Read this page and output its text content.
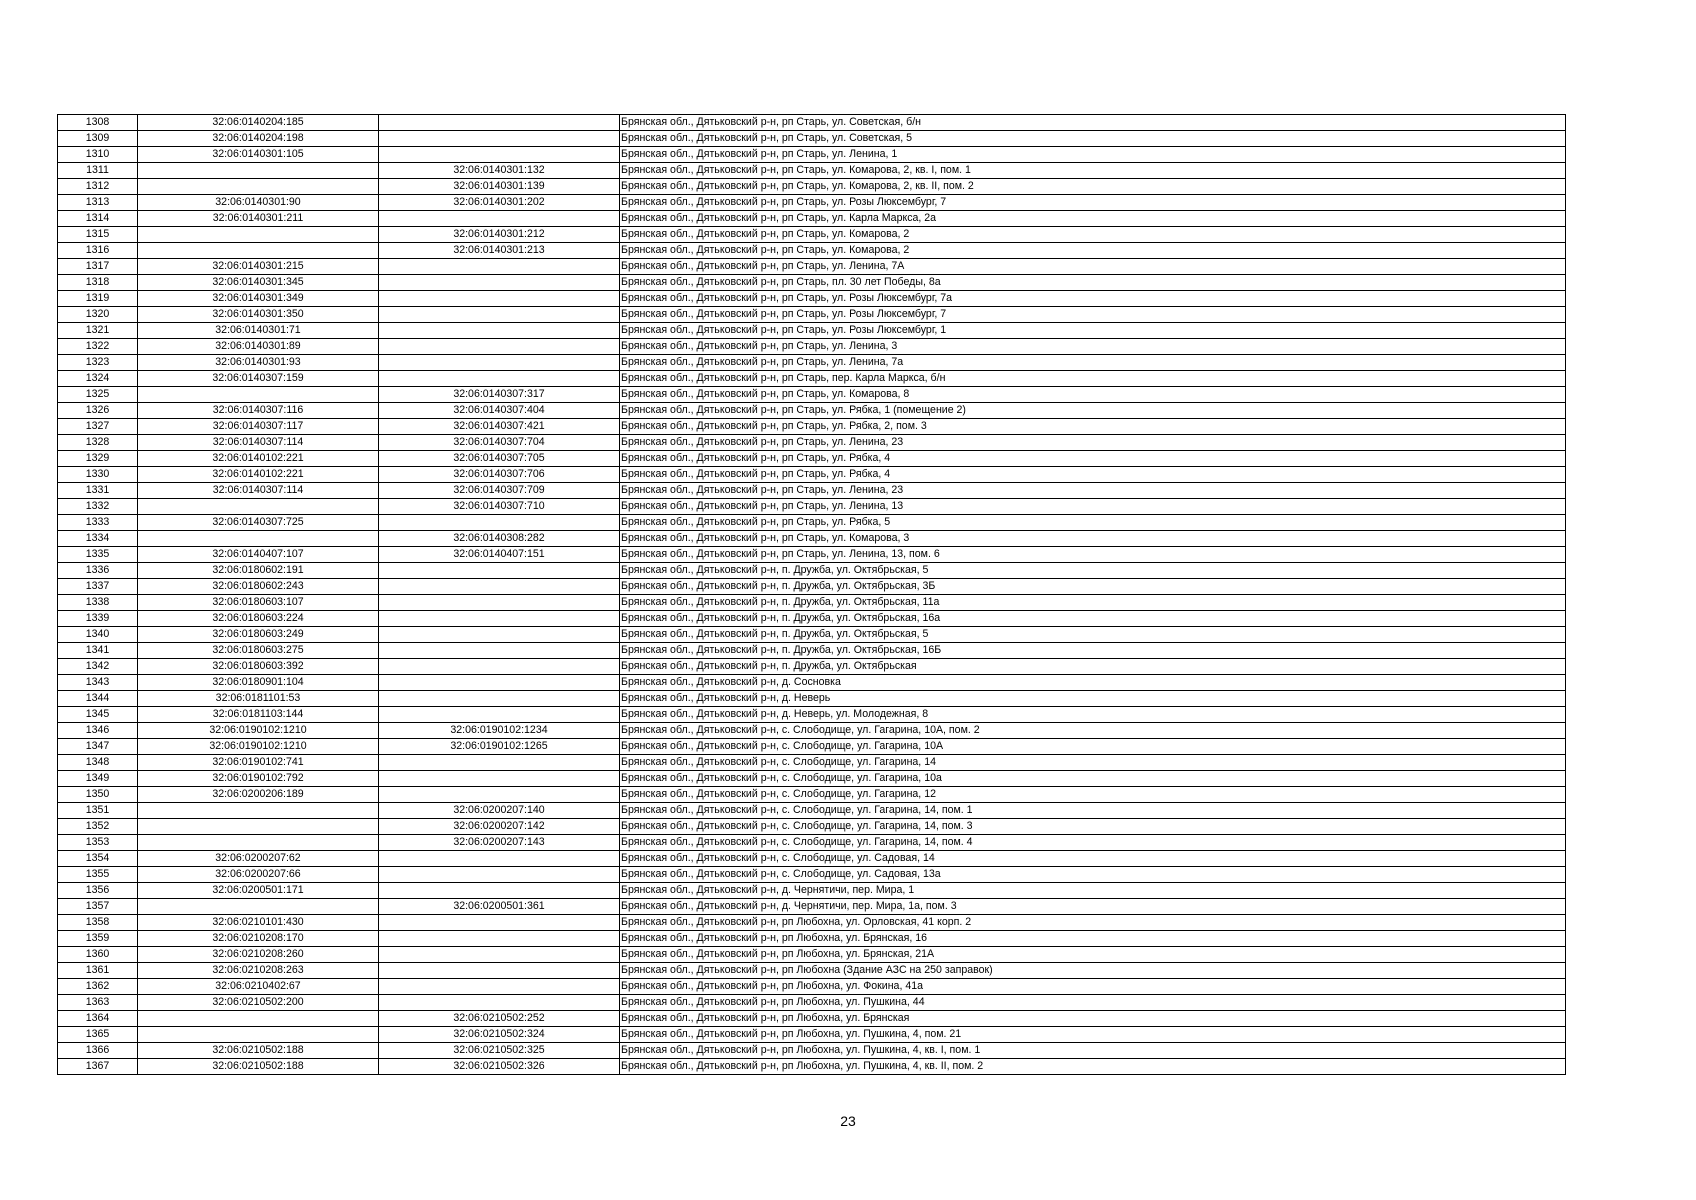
1308	32:06:0140204:185		Брянская обл., Дятьковский р-н, рп Старь, ул. Советская, б/н
1309	32:06:0140204:198		Брянская обл., Дятьковский р-н, рп Старь, ул. Советская, 5
1310	32:06:0140301:105		Брянская обл., Дятьковский р-н, рп Старь, ул. Ленина, 1
1311		32:06:0140301:132	Брянская обл., Дятьковский р-н, рп Старь, ул. Комарова, 2, кв. I, пом. 1
1312		32:06:0140301:139	Брянская обл., Дятьковский р-н, рп Старь, ул. Комарова, 2, кв. II, пом. 2
1313	32:06:0140301:90	32:06:0140301:202	Брянская обл., Дятьковский р-н, рп Старь, ул. Розы Люксембург, 7
1314	32:06:0140301:211		Брянская обл., Дятьковский р-н, рп Старь, ул. Карла Маркса, 2а
1315		32:06:0140301:212	Брянская обл., Дятьковский р-н, рп Старь, ул. Комарова, 2
1316		32:06:0140301:213	Брянская обл., Дятьковский р-н, рп Старь, ул. Комарова, 2
1317	32:06:0140301:215		Брянская обл., Дятьковский р-н, рп Старь, ул. Ленина, 7А
1318	32:06:0140301:345		Брянская обл., Дятьковский р-н, рп Старь, пл. 30 лет Победы, 8а
1319	32:06:0140301:349		Брянская обл., Дятьковский р-н, рп Старь, ул. Розы Люксембург, 7а
1320	32:06:0140301:350		Брянская обл., Дятьковский р-н, рп Старь, ул. Розы Люксембург, 7
1321	32:06:0140301:71		Брянская обл., Дятьковский р-н, рп Старь, ул. Розы Люксембург, 1
1322	32:06:0140301:89		Брянская обл., Дятьковский р-н, рп Старь, ул. Ленина, 3
1323	32:06:0140301:93		Брянская обл., Дятьковский р-н, рп Старь, ул. Ленина, 7а
1324	32:06:0140307:159		Брянская обл., Дятьковский р-н, рп Старь, пер. Карла Маркса, б/н
1325		32:06:0140307:317	Брянская обл., Дятьковский р-н, рп Старь, ул. Комарова, 8
1326	32:06:0140307:116	32:06:0140307:404	Брянская обл., Дятьковский р-н, рп Старь, ул. Рябка, 1 (помещение 2)
1327	32:06:0140307:117	32:06:0140307:421	Брянская обл., Дятьковский р-н, рп Старь, ул. Рябка, 2, пом. 3
1328	32:06:0140307:114	32:06:0140307:704	Брянская обл., Дятьковский р-н, рп Старь, ул. Ленина, 23
1329	32:06:0140102:221	32:06:0140307:705	Брянская обл., Дятьковский р-н, рп Старь, ул. Рябка, 4
1330	32:06:0140102:221	32:06:0140307:706	Брянская обл., Дятьковский р-н, рп Старь, ул. Рябка, 4
1331	32:06:0140307:114	32:06:0140307:709	Брянская обл., Дятьковский р-н, рп Старь, ул. Ленина, 23
1332		32:06:0140307:710	Брянская обл., Дятьковский р-н, рп Старь, ул. Ленина, 13
1333	32:06:0140307:725		Брянская обл., Дятьковский р-н, рп Старь, ул. Рябка, 5
1334		32:06:0140308:282	Брянская обл., Дятьковский р-н, рп Старь, ул. Комарова, 3
1335	32:06:0140407:107	32:06:0140407:151	Брянская обл., Дятьковский р-н, рп Старь, ул. Ленина, 13, пом. 6
1336	32:06:0180602:191		Брянская обл., Дятьковский р-н, п. Дружба, ул. Октябрьская, 5
1337	32:06:0180602:243		Брянская обл., Дятьковский р-н, п. Дружба, ул. Октябрьская, 3Б
1338	32:06:0180603:107		Брянская обл., Дятьковский р-н, п. Дружба, ул. Октябрьская, 11а
1339	32:06:0180603:224		Брянская обл., Дятьковский р-н, п. Дружба, ул. Октябрьская, 16а
1340	32:06:0180603:249		Брянская обл., Дятьковский р-н, п. Дружба, ул. Октябрьская, 5
1341	32:06:0180603:275		Брянская обл., Дятьковский р-н, п. Дружба, ул. Октябрьская, 16Б
1342	32:06:0180603:392		Брянская обл., Дятьковский р-н, п. Дружба, ул. Октябрьская
1343	32:06:0180901:104		Брянская обл., Дятьковский р-н, д. Сосновка
1344	32:06:0181101:53		Брянская обл., Дятьковский р-н, д. Неверь
1345	32:06:0181103:144		Брянская обл., Дятьковский р-н, д. Неверь, ул. Молодежная, 8
1346	32:06:0190102:1210	32:06:0190102:1234	Брянская обл., Дятьковский р-н, с. Слободище, ул. Гагарина, 10А, пом. 2
1347	32:06:0190102:1210	32:06:0190102:1265	Брянская обл., Дятьковский р-н, с. Слободище, ул. Гагарина, 10А
1348	32:06:0190102:741		Брянская обл., Дятьковский р-н, с. Слободище, ул. Гагарина, 14
1349	32:06:0190102:792		Брянская обл., Дятьковский р-н, с. Слободище, ул. Гагарина, 10а
1350	32:06:0200206:189		Брянская обл., Дятьковский р-н, с. Слободище, ул. Гагарина, 12
1351		32:06:0200207:140	Брянская обл., Дятьковский р-н, с. Слободище, ул. Гагарина, 14, пом. 1
1352		32:06:0200207:142	Брянская обл., Дятьковский р-н, с. Слободище, ул. Гагарина, 14, пом. 3
1353		32:06:0200207:143	Брянская обл., Дятьковский р-н, с. Слободище, ул. Гагарина, 14, пом. 4
1354	32:06:0200207:62		Брянская обл., Дятьковский р-н, с. Слободище, ул. Садовая, 14
1355	32:06:0200207:66		Брянская обл., Дятьковский р-н, с. Слободище, ул. Садовая, 13а
1356	32:06:0200501:171		Брянская обл., Дятьковский р-н, д. Чернятичи, пер. Мира, 1
1357		32:06:0200501:361	Брянская обл., Дятьковский р-н, д. Чернятичи, пер. Мира, 1а, пом. 3
1358	32:06:0210101:430		Брянская обл., Дятьковский р-н, рп Любохна, ул. Орловская, 41 корп. 2
1359	32:06:0210208:170		Брянская обл., Дятьковский р-н, рп Любохна, ул. Брянская, 16
1360	32:06:0210208:260		Брянская обл., Дятьковский р-н, рп Любохна, ул. Брянская, 21А
1361	32:06:0210208:263		Брянская обл., Дятьковский р-н, рп Любохна (Здание АЗС на 250 заправок)
1362	32:06:0210402:67		Брянская обл., Дятьковский р-н, рп Любохна, ул. Фокина, 41а
1363	32:06:0210502:200		Брянская обл., Дятьковский р-н, рп Любохна, ул. Пушкина, 44
1364		32:06:0210502:252	Брянская обл., Дятьковский р-н, рп Любохна, ул. Брянская
1365		32:06:0210502:324	Брянская обл., Дятьковский р-н, рп Любохна, ул. Пушкина, 4, пом. 21
1366	32:06:0210502:188	32:06:0210502:325	Брянская обл., Дятьковский р-н, рп Любохна, ул. Пушкина, 4, кв. I, пом. 1
1367	32:06:0210502:188	32:06:0210502:326	Брянская обл., Дятьковский р-н, рп Любохна, ул. Пушкина, 4, кв. II, пом. 2
23
